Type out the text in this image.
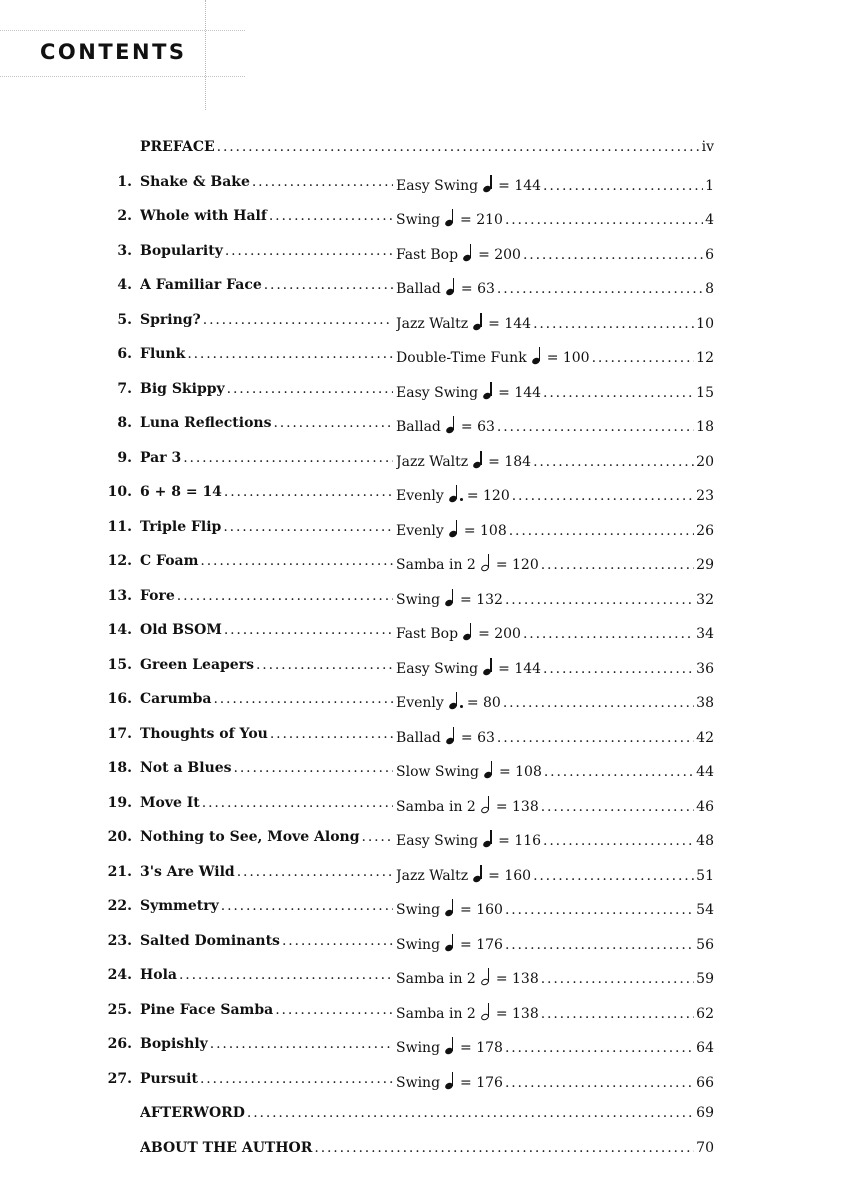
CONTENTS
PREFACE . . .	iv
1. Shake & Bake . . .	Easy Swing = 144 . . .	1
2. Whole with Half . . .	Swing = 210 . . .	4
3. Bopularity . . .	Fast Bop = 200 . . .	6
4. A Familiar Face . . .	Ballad = 63 . . .	8
5. Spring? . . .	Jazz Waltz = 144 . . .	10
6. Flunk . . .	Double-Time Funk = 100 . . .	12
7. Big Skippy . . .	Easy Swing = 144 . . .	15
8. Luna Reflections . . .	Ballad = 63 . . .	18
9. Par 3 . . .	Jazz Waltz = 184 . . .	20
10. 6 + 8 = 14 . . .	Evenly = 120 . . .	23
11. Triple Flip . . .	Evenly = 108 . . .	26
12. C Foam . . .	Samba in 2 = 120 . . .	29
13. Fore . . .	Swing = 132 . . .	32
14. Old BSOM . . .	Fast Bop = 200 . . .	34
15. Green Leapers . . .	Easy Swing = 144 . . .	36
16. Carumba . . .	Evenly = 80 . . .	38
17. Thoughts of You . . .	Ballad = 63 . . .	42
18. Not a Blues . . .	Slow Swing = 108 . . .	44
19. Move It . . .	Samba in 2 = 138 . . .	46
20. Nothing to See, Move Along . . .	Easy Swing = 116 . . .	48
21. 3's Are Wild . . .	Jazz Waltz = 160 . . .	51
22. Symmetry . . .	Swing = 160 . . .	54
23. Salted Dominants . . .	Swing = 176 . . .	56
24. Hola . . .	Samba in 2 = 138 . . .	59
25. Pine Face Samba . . .	Samba in 2 = 138 . . .	62
26. Bopishly . . .	Swing = 178 . . .	64
27. Pursuit . . .	Swing = 176 . . .	66
AFTERWORD . . .	69
ABOUT THE AUTHOR . . .	70
